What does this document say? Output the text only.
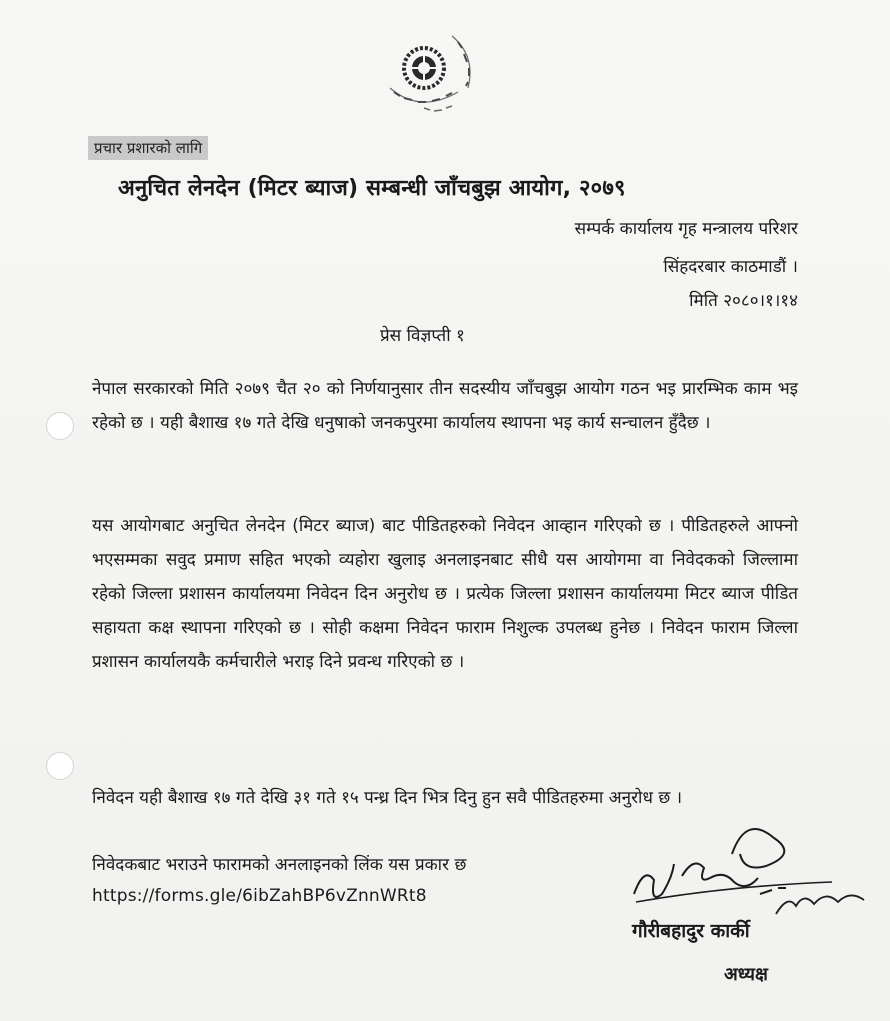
प्रचार प्रशारको लागि
अनुचित लेनदेन (मिटर ब्याज) सम्बन्धी जाँचबुझ आयोग, २०७९
सम्पर्क कार्यालय गृह मन्त्रालय परिशर
सिंहदरबार काठमाडौं ।
मिति २०८०।१।१४
प्रेस विज्ञप्ती १
नेपाल सरकारको मिति २०७९ चैत २० को निर्णयानुसार तीन सदस्यीय जाँचबुझ आयोग गठन भइ प्रारम्भिक काम भइ रहेको छ । यही बैशाख १७ गते देखि धनुषाको जनकपुरमा कार्यालय स्थापना भइ कार्य सन्चालन हुँदैछ ।
यस आयोगबाट अनुचित लेनदेन (मिटर ब्याज) बाट पीडितहरुको निवेदन आव्हान गरिएको छ । पीडितहरुले आफ्नो भएसम्मका सवुद प्रमाण सहित भएको व्यहोरा खुलाइ अनलाइनबाट सीधै यस आयोगमा वा निवेदकको जिल्लामा रहेको जिल्ला प्रशासन कार्यालयमा निवेदन दिन अनुरोध छ । प्रत्येक जिल्ला प्रशासन कार्यालयमा मिटर ब्याज पीडित सहायता कक्ष स्थापना गरिएको छ । सोही कक्षमा निवेदन फाराम निशुल्क उपलब्ध हुनेछ । निवेदन फाराम जिल्ला प्रशासन कार्यालयकै कर्मचारीले भराइ दिने प्रवन्ध गरिएको छ ।
निवेदन यही बैशाख १७ गते देखि ३१ गते १५ पन्ध्र दिन भित्र दिनु हुन सवै पीडितहरुमा अनुरोध छ ।
निवेदकबाट भराउने फारामको अनलाइनको लिंक यस प्रकार छ
https://forms.gle/6ibZahBP6vZnnWRt8
गौरीबहादुर कार्की
अध्यक्ष
